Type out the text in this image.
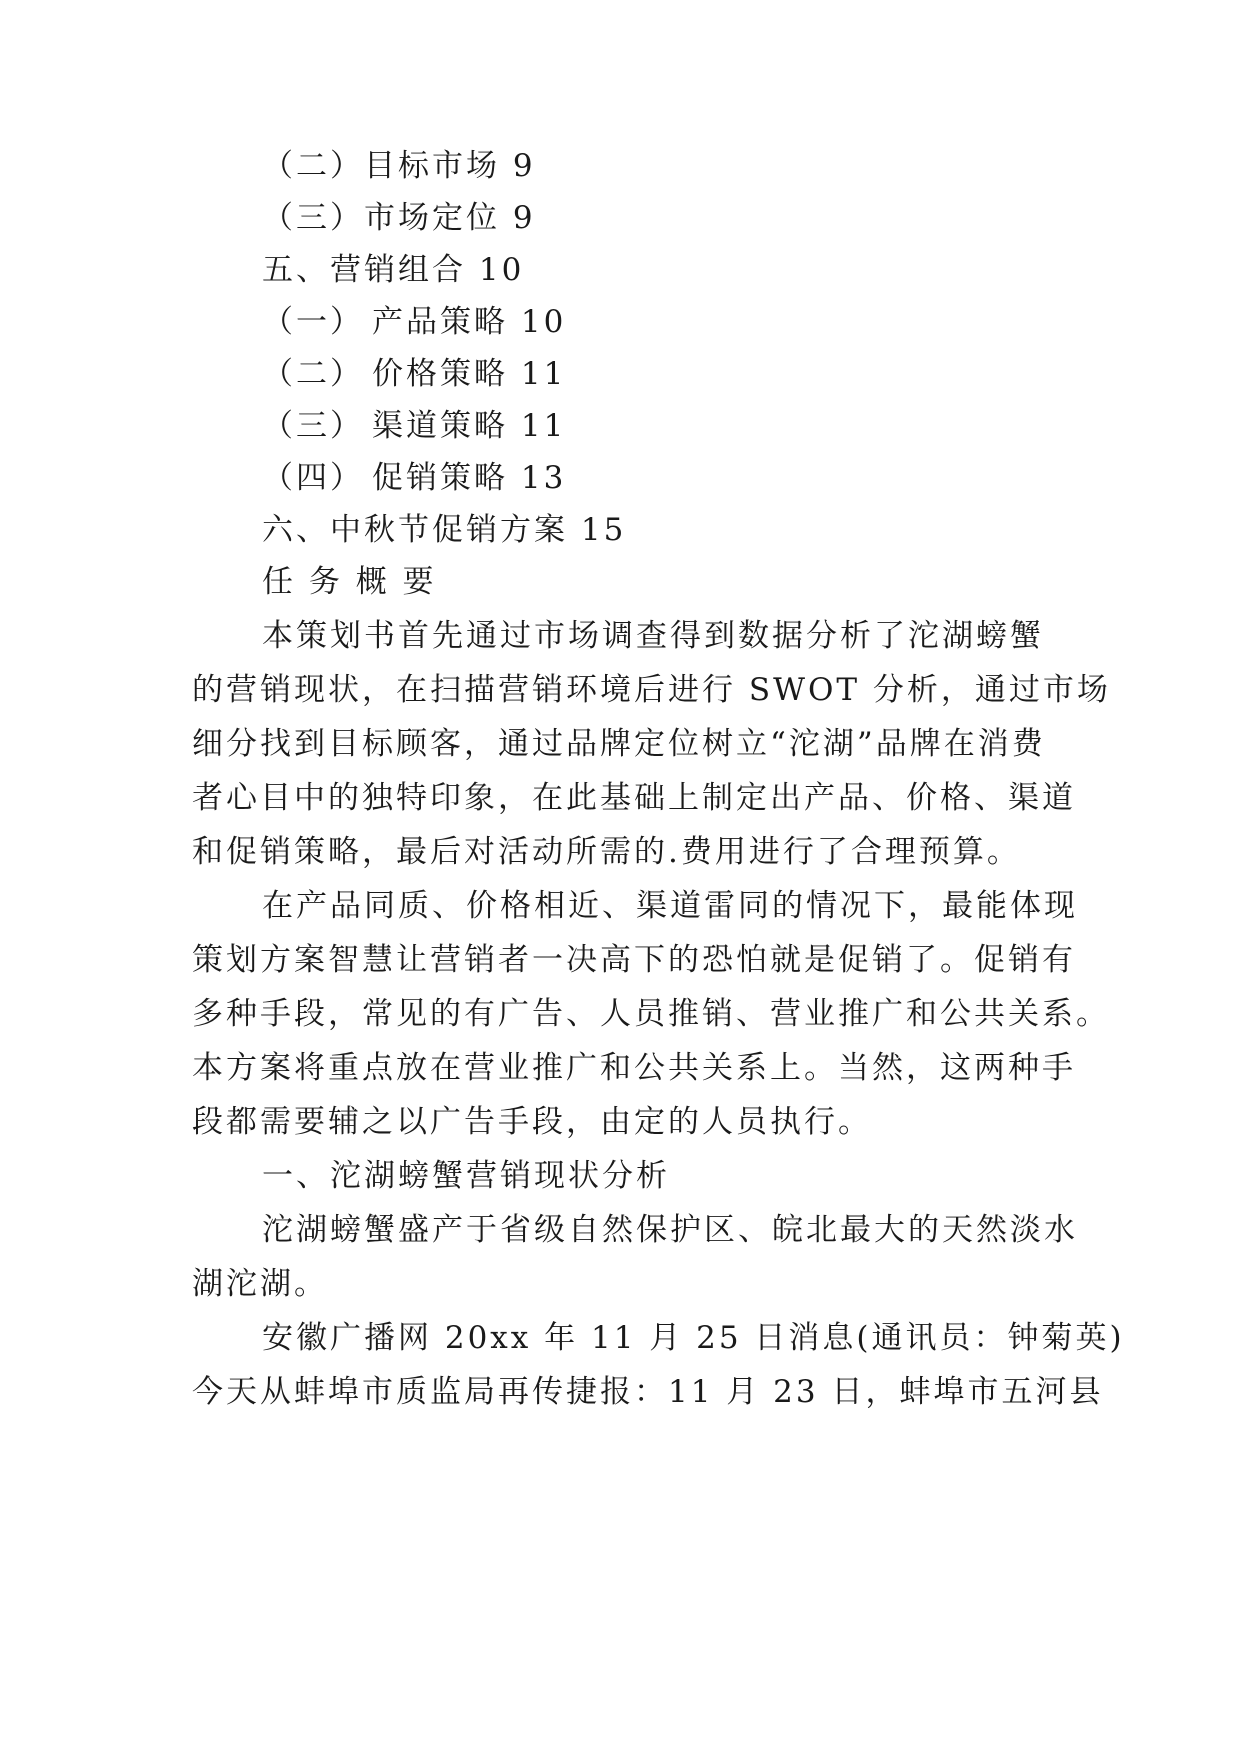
（二）目标市场 9
（三）市场定位 9
五、营销组合 10
（一） 产品策略 10
（二） 价格策略 11
（三） 渠道策略 11
（四） 促销策略 13
六、中秋节促销方案 15
任 务 概 要
本策划书首先通过市场调查得到数据分析了沱湖螃蟹
的营销现状，在扫描营销环境后进行 SWOT 分析，通过市场
细分找到目标顾客，通过品牌定位树立“沱湖”品牌在消费
者心目中的独特印象，在此基础上制定出产品、价格、渠道
和促销策略，最后对活动所需的.费用进行了合理预算。
在产品同质、价格相近、渠道雷同的情况下，最能体现
策划方案智慧让营销者一决高下的恐怕就是促销了。促销有
多种手段，常见的有广告、人员推销、营业推广和公共关系。
本方案将重点放在营业推广和公共关系上。当然，这两种手
段都需要辅之以广告手段，由定的人员执行。
一、沱湖螃蟹营销现状分析
沱湖螃蟹盛产于省级自然保护区、皖北最大的天然淡水
湖沱湖。
安徽广播网 20xx 年 11 月 25 日消息(通讯员：钟菊英)
今天从蚌埠市质监局再传捷报：11 月 23 日，蚌埠市五河县
